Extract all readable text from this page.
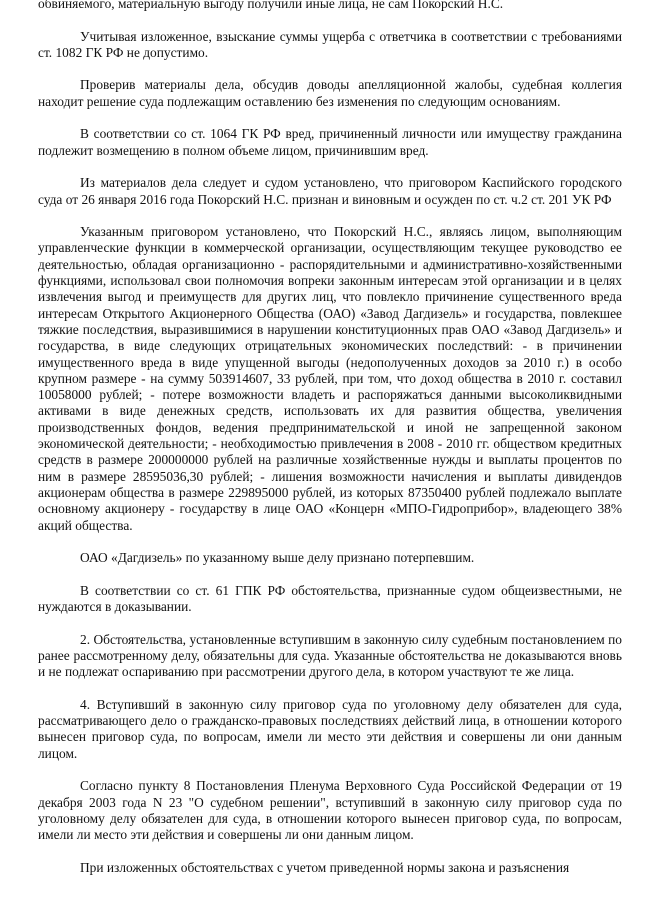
обвиняемого, материальную выгоду получили иные лица, не сам Покорский Н.С.

Учитывая изложенное, взыскание суммы ущерба с ответчика в соответствии с требованиями ст. 1082 ГК РФ не допустимо.

Проверив материалы дела, обсудив доводы апелляционной жалобы, судебная коллегия находит решение суда подлежащим оставлению без изменения по следующим основаниям.

В соответствии со ст. 1064 ГК РФ вред, причиненный личности или имуществу гражданина подлежит возмещению в полном объеме лицом, причинившим вред.

Из материалов дела следует и судом установлено, что приговором Каспийского городского суда от 26 января 2016 года Покорский Н.С. признан и виновным и осужден по ст. ч.2 ст. 201 УК РФ

Указанным приговором установлено, что Покорский Н.С., являясь лицом, выполняющим управленческие функции в коммерческой организации, осуществляющим текущее руководство ее деятельностью, обладая организационно - распорядительными и административно-хозяйственными функциями, использовал свои полномочия вопреки законным интересам этой организации и в целях извлечения выгод и преимуществ для других лиц, что повлекло причинение существенного вреда интересам Открытого Акционерного Общества (ОАО) «Завод Дагдизель» и государства, повлекшее тяжкие последствия, выразившимися в нарушении конституционных прав ОАО «Завод Дагдизель» и государства, в виде следующих отрицательных экономических последствий: - в причинении имущественного вреда в виде упущенной выгоды (недополученных доходов за 2010 г.) в особо крупном размере - на сумму 503914607, 33 рублей, при том, что доход общества в 2010 г. составил 10058000 рублей; - потере возможности владеть и распоряжаться данными высоколиквидными активами в виде денежных средств, использовать их для развития общества, увеличения производственных фондов, ведения предпринимательской и иной не запрещенной законом экономической деятельности; - необходимостью привлечения в 2008 - 2010 гг. обществом кредитных средств в размере 200000000 рублей на различные хозяйственные нужды и выплаты процентов по ним в размере 28595036,30 рублей; - лишения возможности начисления и выплаты дивидендов акционерам общества в размере 229895000 рублей, из которых 87350400 рублей подлежало выплате основному акционеру - государству в лице ОАО «Концерн «МПО-Гидроприбор», владеющего 38% акций общества.

ОАО «Дагдизель» по указанному выше делу признано потерпевшим.

В соответствии со ст. 61 ГПК РФ обстоятельства, признанные судом общеизвестными, не нуждаются в доказывании.

2. Обстоятельства, установленные вступившим в законную силу судебным постановлением по ранее рассмотренному делу, обязательны для суда. Указанные обстоятельства не доказываются вновь и не подлежат оспариванию при рассмотрении другого дела, в котором участвуют те же лица.

4. Вступивший в законную силу приговор суда по уголовному делу обязателен для суда, рассматривающего дело о гражданско-правовых последствиях действий лица, в отношении которого вынесен приговор суда, по вопросам, имели ли место эти действия и совершены ли они данным лицом.

Согласно пункту 8 Постановления Пленума Верховного Суда Российской Федерации от 19 декабря 2003 года N 23 "О судебном решении", вступивший в законную силу приговор суда по уголовному делу обязателен для суда, в отношении которого вынесен приговор суда, по вопросам, имели ли место эти действия и совершены ли они данным лицом.

При изложенных обстоятельствах с учетом приведенной нормы закона и разъяснения
